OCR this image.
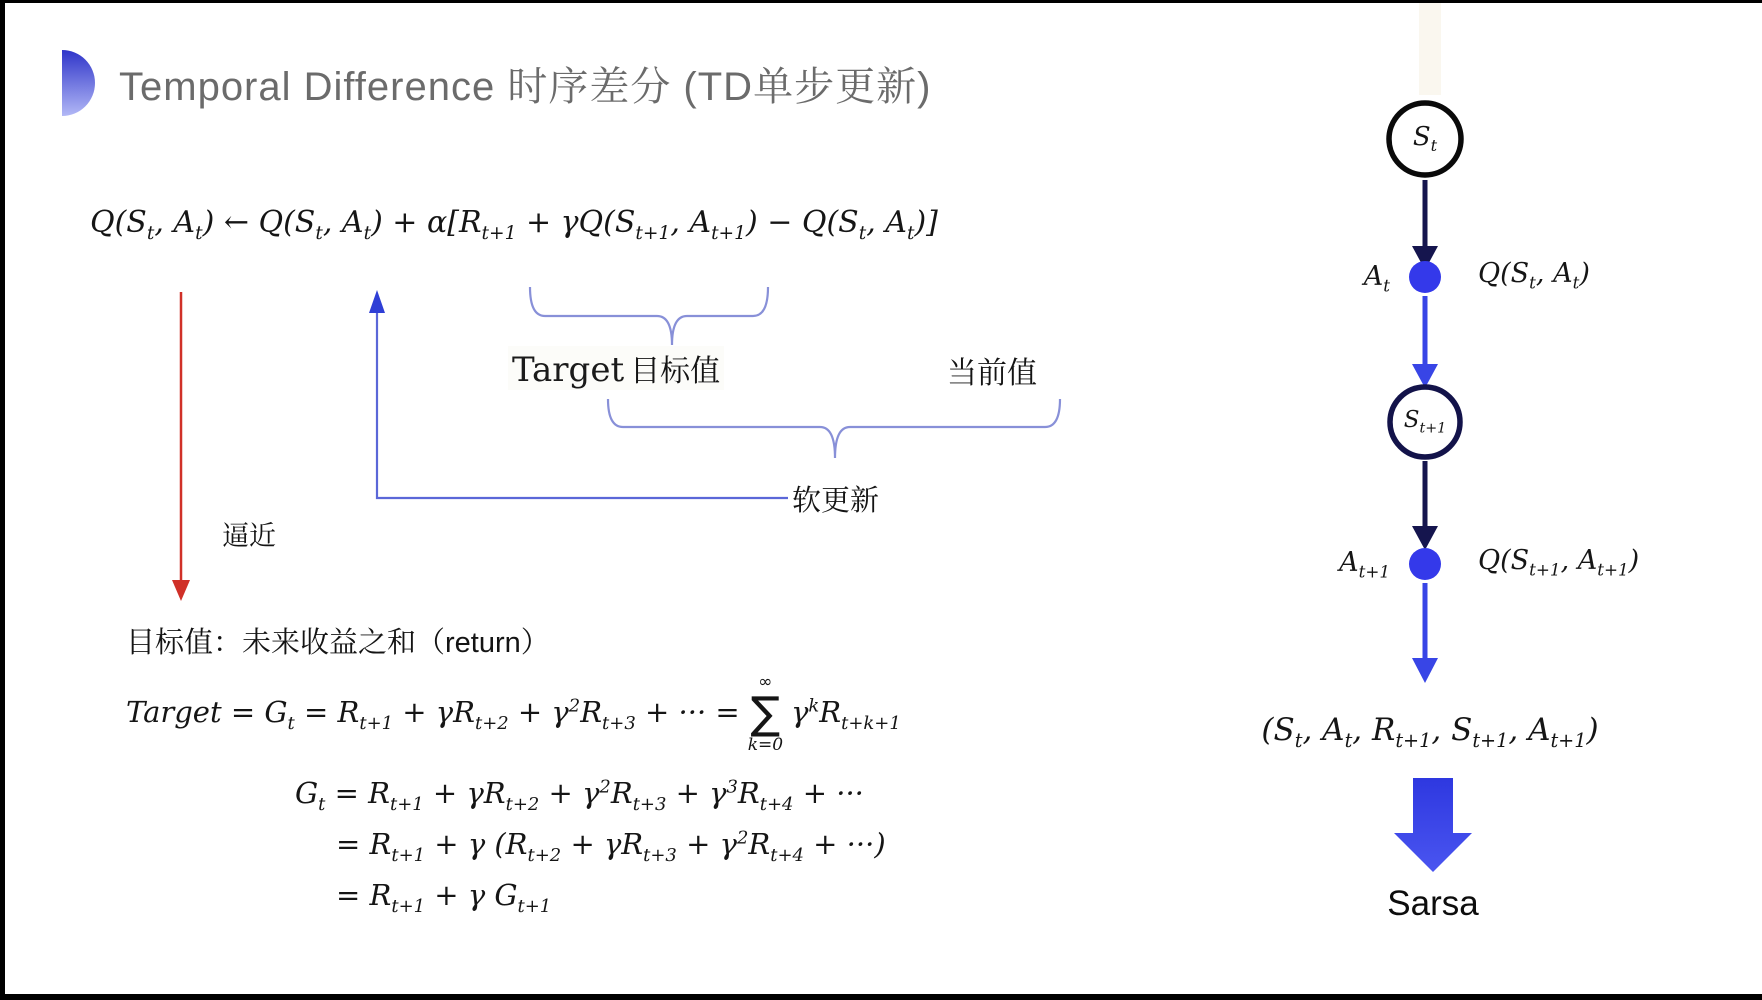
Temporal Difference 时序差分 (TD单步更新)
$Q(S_t$, $A_t$) ← $Q(S_t$, $A_t) + \alpha[R_{t+1} + \gamma Q(S_{t+1}$, $A_{t+1}) - Q(S_t$, $A_t$)]
Target 目标值	当前值
软更新
逼近
目标值：未来收益之和（return）
Target = $G_t = R_{t+1} + \gamma R_{t+2} + \gamma^2R_{t+3}$ + ··· =
∞
∑
k=0
$\gamma^kR_{t+k+1}$
$G_t = R_{t+1} + \gamma R_{t+2} + \gamma^2R_{t+3} + \gamma^3R_{t+4}$ + ···
= $R_{t+1} + \gamma$ ($R_{t+2} + \gamma R_{t+3} + \gamma^2R_{t+4}$ + ···)
= $R_{t+1} + \gamma$ $G_{t+1}$
$S_t$
$S_{t+1}$
$A_t$	$Q(S_t$, $A_t$)
$A_{t+1}$	$Q(S_{t+1}$, $A_{t+1}$)
($S_t$, $A_t$, $R_{t+1}$, $S_{t+1}$, $A_{t+1}$)
Sarsa
